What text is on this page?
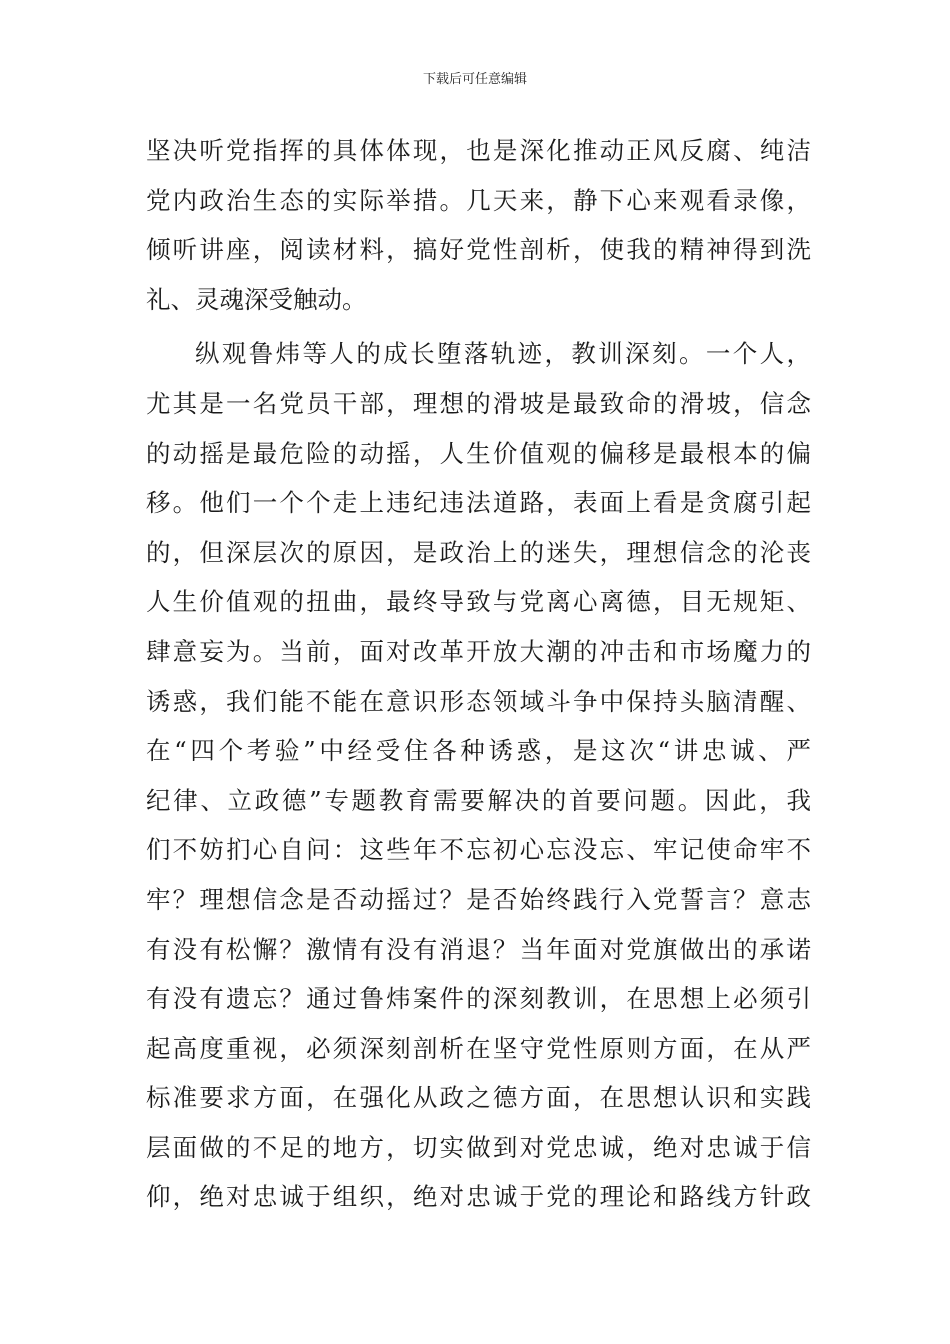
下载后可任意编辑
坚决听党指挥的具体体现，也是深化推动正风反腐、纯洁
党内政治生态的实际举措。几天来，静下心来观看录像，
倾听讲座，阅读材料，搞好党性剖析，使我的精神得到洗
礼、灵魂深受触动。
纵观鲁炜等人的成长堕落轨迹，教训深刻。一个人，
尤其是一名党员干部，理想的滑坡是最致命的滑坡，信念
的动摇是最危险的动摇，人生价值观的偏移是最根本的偏
移。他们一个个走上违纪违法道路，表面上看是贪腐引起
的，但深层次的原因，是政治上的迷失，理想信念的沦丧
人生价值观的扭曲，最终导致与党离心离德，目无规矩、
肆意妄为。当前，面对改革开放大潮的冲击和市场魔力的
诱惑，我们能不能在意识形态领域斗争中保持头脑清醒、
在“四个考验”中经受住各种诱惑，是这次“讲忠诚、严
纪律、立政德”专题教育需要解决的首要问题。因此，我
们不妨扪心自问：这些年不忘初心忘没忘、牢记使命牢不
牢？理想信念是否动摇过？是否始终践行入党誓言？意志
有没有松懈？激情有没有消退？当年面对党旗做出的承诺
有没有遗忘？通过鲁炜案件的深刻教训，在思想上必须引
起高度重视，必须深刻剖析在坚守党性原则方面，在从严
标准要求方面，在强化从政之德方面，在思想认识和实践
层面做的不足的地方，切实做到对党忠诚，绝对忠诚于信
仰，绝对忠诚于组织，绝对忠诚于党的理论和路线方针政
